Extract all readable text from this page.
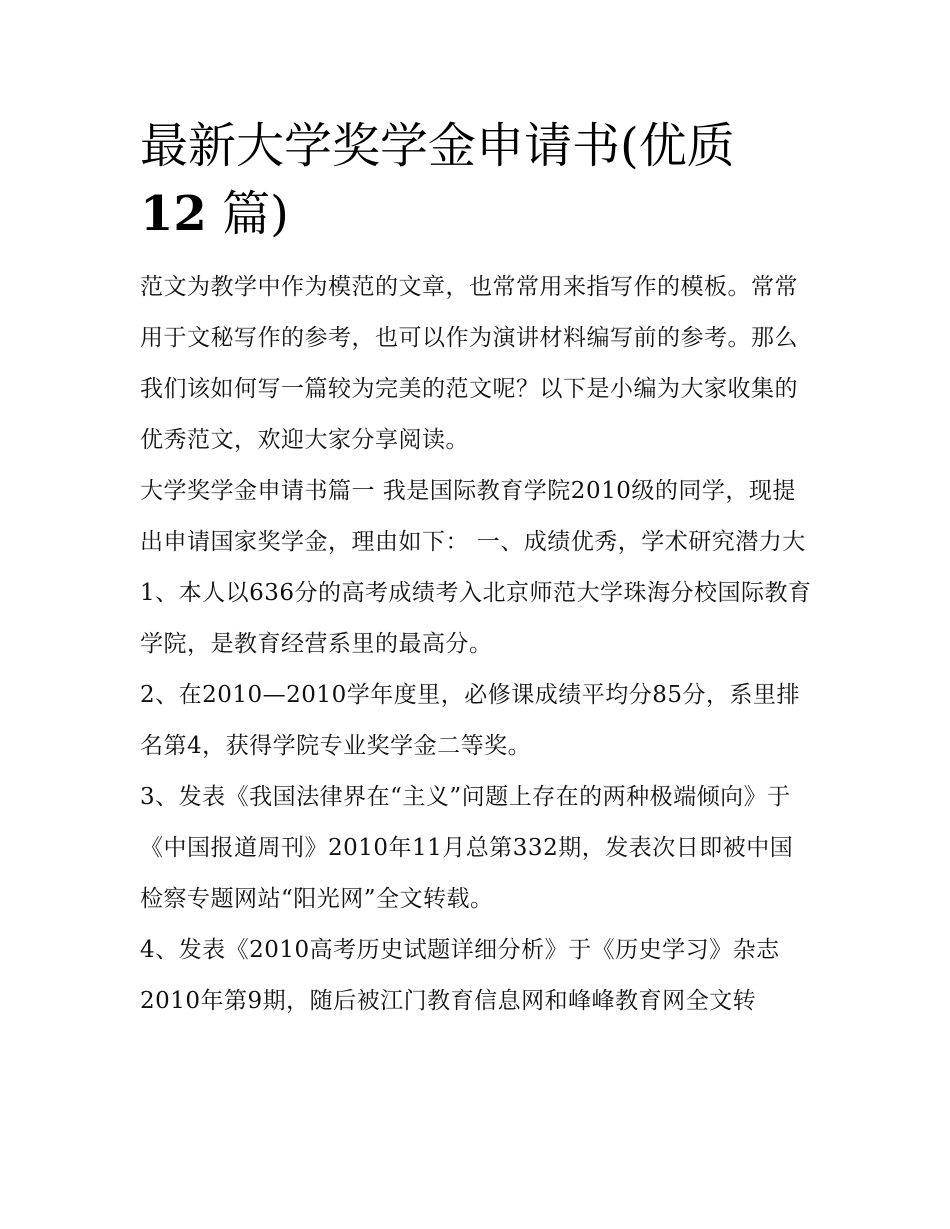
最新大学奖学金申请书(优质
12 篇)

范文为教学中作为模范的文章，也常常用来指写作的模板。常常用于文秘写作的参考，也可以作为演讲材料编写前的参考。那么我们该如何写一篇较为完美的范文呢？以下是小编为大家收集的优秀范文，欢迎大家分享阅读。

大学奖学金申请书篇一 我是国际教育学院2010级的同学，现提出申请国家奖学金，理由如下： 一、成绩优秀，学术研究潜力大

1、本人以636分的高考成绩考入北京师范大学珠海分校国际教育学院，是教育经营系里的最高分。

2、在2010—2010学年度里，必修课成绩平均分85分，系里排名第4，获得学院专业奖学金二等奖。

3、发表《我国法律界在“主义”问题上存在的两种极端倾向》于《中国报道周刊》2010年11月总第332期，发表次日即被中国检察专题网站“阳光网”全文转载。

4、发表《2010高考历史试题详细分析》于《历史学习》杂志2010年第9期，随后被江门教育信息网和峰峰教育网全文转
